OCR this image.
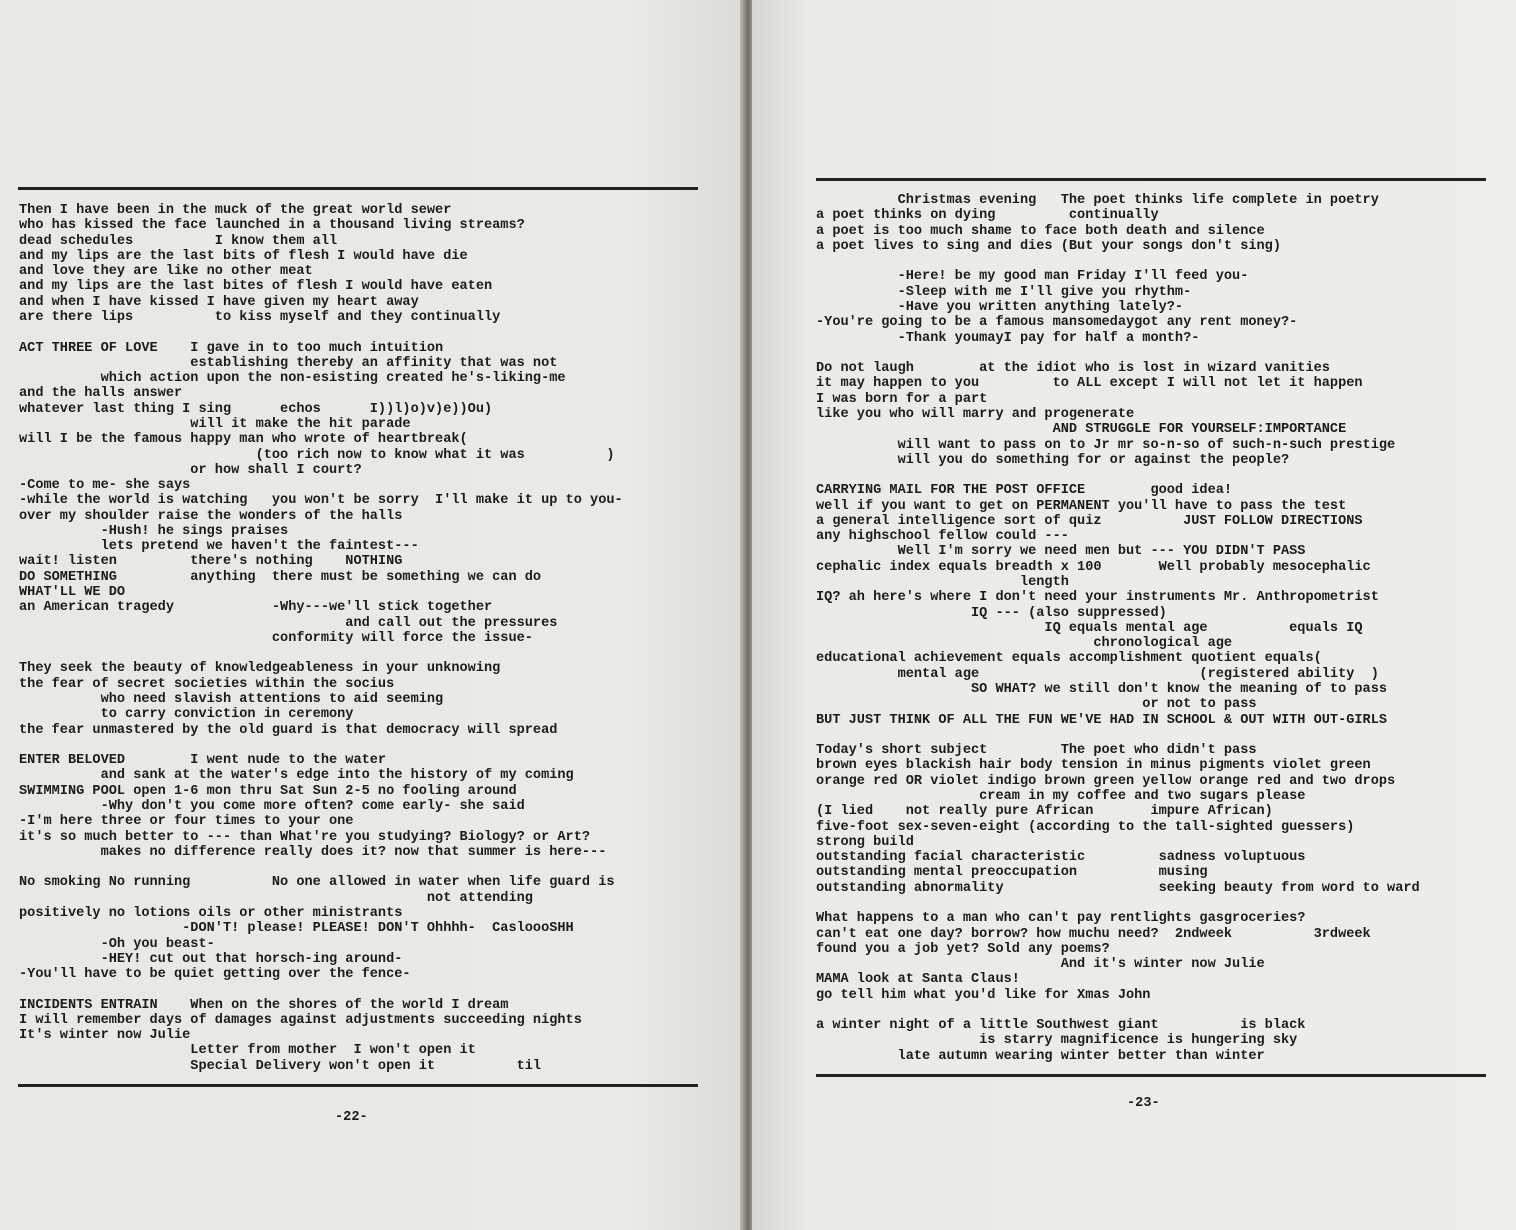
Then I have been in the muck of the great world sewer
who has kissed the face launched in a thousand living streams?
dead schedules          I know them all
and my lips are the last bits of flesh I would have die
and love they are like no other meat
and my lips are the last bites of flesh I would have eaten
and when I have kissed I have given my heart away
are there lips          to kiss myself and they continually

ACT THREE OF LOVE    I gave in to too much intuition
establishing thereby an affinity that was not
which action upon the non-esisting created he's-liking-me
and the halls answer
whatever last thing I sing      echos      I))l)o)v)e))Ou)
will it make the hit parade
will I be the famous happy man who wrote of heartbreak(
(too rich now to know what it was          )
or how shall I court?
-Come to me- she says
-while the world is watching   you won't be sorry  I'll make it up to you-
over my shoulder raise the wonders of the halls
-Hush! he sings praises
lets pretend we haven't the faintest---
wait! listen         there's nothing    NOTHING
DO SOMETHING         anything  there must be something we can do
WHAT'LL WE DO
an American tragedy            -Why---we'll stick together
and call out the pressures
conformity will force the issue-

They seek the beauty of knowledgeableness in your unknowing
the fear of secret societies within the socius
who need slavish attentions to aid seeming
to carry conviction in ceremony
the fear unmastered by the old guard is that democracy will spread

ENTER BELOVED        I went nude to the water
and sank at the water's edge into the history of my coming
SWIMMING POOL open 1-6 mon thru Sat Sun 2-5 no fooling around
-Why don't you come more often? come early- she said
-I'm here three or four times to your one
it's so much better to --- than What're you studying? Biology? or Art?
makes no difference really does it? now that summer is here---

No smoking No running          No one allowed in water when life guard is
not attending
positively no lotions oils or other ministrants
-DON'T! please! PLEASE! DON'T Ohhhh-  CaslooоSHH
-Oh you beast-
-HEY! cut out that horsch-ing around-
-You'll have to be quiet getting over the fence-

INCIDENTS ENTRAIN    When on the shores of the world I dream
I will remember days of damages against adjustments succeeding nights
It's winter now Julie
Letter from mother  I won't open it
Special Delivery won't open it          til
-22-
Christmas evening   The poet thinks life complete in poetry
a poet thinks on dying         continually
a poet is too much shame to face both death and silence
a poet lives to sing and dies (But your songs don't sing)

-Here! be my good man Friday I'll feed you-
-Sleep with me I'll give you rhythm-
-Have you written anything lately?-
-You're going to be a famous mansomedaygot any rent money?-
-Thank youmayI pay for half a month?-

Do not laugh        at the idiot who is lost in wizard vanities
it may happen to you         to ALL except I will not let it happen
I was born for a part
like you who will marry and progenerate
AND STRUGGLE FOR YOURSELF:IMPORTANCE
will want to pass on to Jr mr so-n-so of such-n-such prestige
will you do something for or against the people?

CARRYING MAIL FOR THE POST OFFICE        good idea!
well if you want to get on PERMANENT you'll have to pass the test
a general intelligence sort of quiz          JUST FOLLOW DIRECTIONS
any highschool fellow could ---
Well I'm sorry we need men but --- YOU DIDN'T PASS
cephalic index equals breadth x 100       Well probably mesocephalic
length
IQ? ah here's where I don't need your instruments Mr. Anthropometrist
IQ --- (also suppressed)
IQ equals mental age          equals IQ
chronological age
educational achievement equals accomplishment quotient equals(
mental age                           (registered ability  )
SO WHAT? we still don't know the meaning of to pass
or not to pass
BUT JUST THINK OF ALL THE FUN WE'VE HAD IN SCHOOL & OUT WITH OUT-GIRLS

Today's short subject         The poet who didn't pass
brown eyes blackish hair body tension in minus pigments violet green
orange red OR violet indigo brown green yellow orange red and two drops
cream in my coffee and two sugars please
(I lied    not really pure African       impure African)
five-foot sex-seven-eight (according to the tall-sighted guessers)
strong build
outstanding facial characteristic         sadness voluptuous
outstanding mental preoccupation          musing
outstanding abnormality                   seeking beauty from word to ward

What happens to a man who can't pay rentlights gasgroceries?
can't eat one day? borrow? how muchu need?  2ndweek          3rdweek
found you a job yet? Sold any poems?
And it's winter now Julie
MAMA look at Santa Claus!
go tell him what you'd like for Xmas John

a winter night of a little Southwest giant          is black
is starry magnificence is hungering sky
late autumn wearing winter better than winter
-23-
